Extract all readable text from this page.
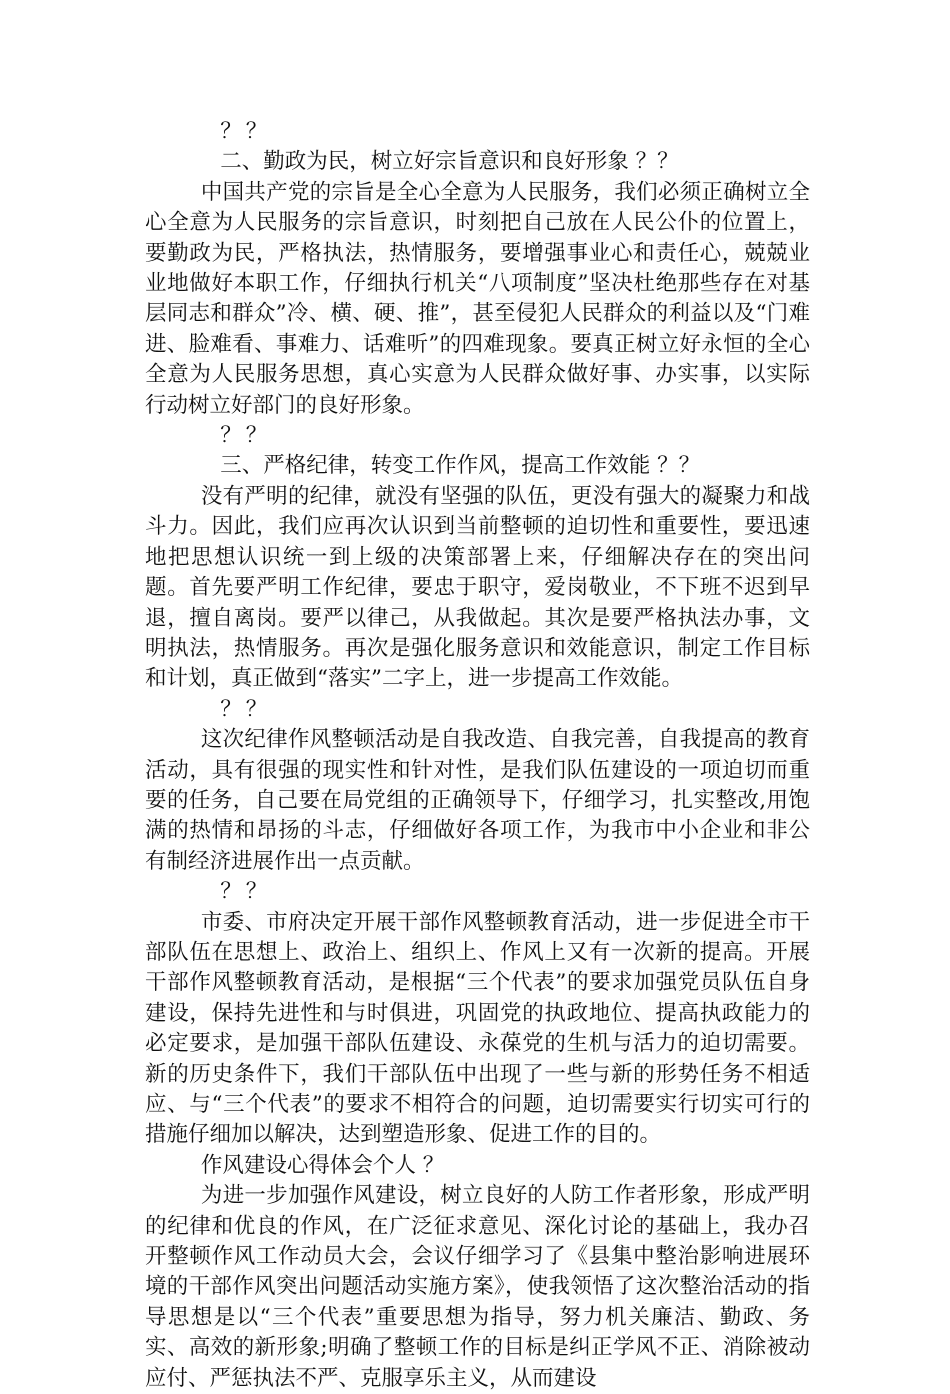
？？

二、勤政为民，树立好宗旨意识和良好形象 ？？

中国共产党的宗旨是全心全意为人民服务，我们必须正确树立全心全意为人民服务的宗旨意识，时刻把自己放在人民公仆的位置上，要勤政为民，严格执法，热情服务，要增强事业心和责任心，兢兢业业地做好本职工作，仔细执行机关“八项制度”坚决杜绝那些存在对基层同志和群众”冷、横、硬、推”，甚至侵犯人民群众的利益以及“门难进、脸难看、事难力、话难听”的四难现象。要真正树立好永恒的全心全意为人民服务思想，真心实意为人民群众做好事、办实事，以实际行动树立好部门的良好形象。

？？

三、严格纪律，转变工作作风，提高工作效能 ？？

没有严明的纪律，就没有坚强的队伍，更没有强大的凝聚力和战斗力。因此，我们应再次认识到当前整顿的迫切性和重要性，要迅速地把思想认识统一到上级的决策部署上来，仔细解决存在的突出问题。首先要严明工作纪律，要忠于职守，爱岗敬业，不下班不迟到早退，擅自离岗。要严以律己，从我做起。其次是要严格执法办事，文明执法，热情服务。再次是强化服务意识和效能意识，制定工作目标和计划，真正做到“落实”二字上，进一步提高工作效能。

？？

这次纪律作风整顿活动是自我改造、自我完善，自我提高的教育活动，具有很强的现实性和针对性，是我们队伍建设的一项迫切而重要的任务，自己要在局党组的正确领导下，仔细学习，扎实整改,用饱满的热情和昂扬的斗志，仔细做好各项工作，为我市中小企业和非公有制经济进展作出一点贡献。

？？

市委、市府决定开展干部作风整顿教育活动，进一步促进全市干部队伍在思想上、政治上、组织上、作风上又有一次新的提高。开展干部作风整顿教育活动，是根据“三个代表”的要求加强党员队伍自身建设，保持先进性和与时俱进，巩固党的执政地位、提高执政能力的必定要求，是加强干部队伍建设、永葆党的生机与活力的迫切需要。新的历史条件下，我们干部队伍中出现了一些与新的形势任务不相适应、与“三个代表”的要求不相符合的问题，迫切需要实行切实可行的措施仔细加以解决，达到塑造形象、促进工作的目的。

作风建设心得体会个人 ？

为进一步加强作风建设，树立良好的人防工作者形象，形成严明的纪律和优良的作风，在广泛征求意见、深化讨论的基础上，我办召开整顿作风工作动员大会，会议仔细学习了《县集中整治影响进展环境的干部作风突出问题活动实施方案》，使我领悟了这次整治活动的指导思想是以“三个代表”重要思想为指导，努力机关廉洁、勤政、务实、高效的新形象;明确了整顿工作的目标是纠正学风不正、消除被动应付、严惩执法不严、克服享乐主义，从而建设
